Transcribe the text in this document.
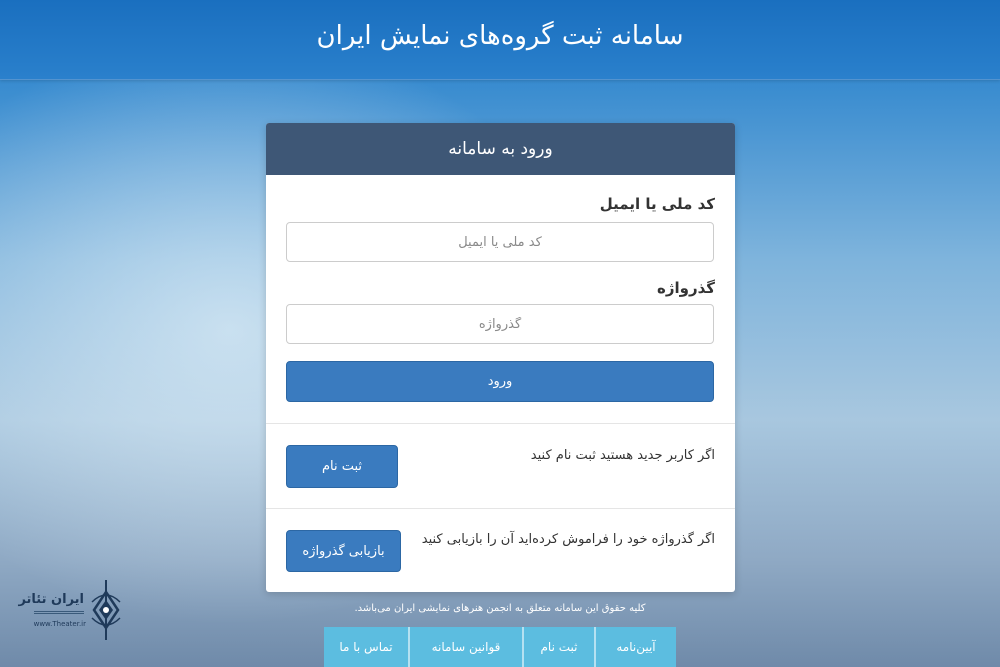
سامانه ثبت گروه‌های نمایش ایران
ورود به سامانه
کد ملی یا ایمیل
کد ملی یا ایمیل
گذرواژه
ورود
اگر کاربر جدید هستید ثبت نام کنید
ثبت نام
اگر گذرواژه خود را فراموش کرده‌اید آن را بازیابی کنید
بازیابی گذرواژه
کلیه حقوق این سامانه متعلق به انجمن هنرهای نمایشی ایران می‌باشد.
تماس با ما	قوانین سامانه	ثبت نام	آیین‌نامه
ایران تئاتر
www.Theater.ir
